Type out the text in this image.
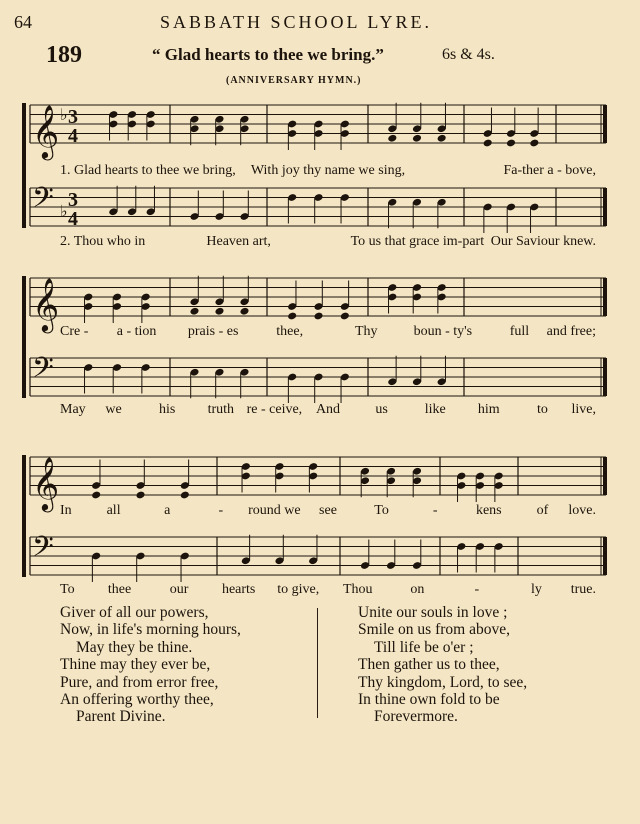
64	SABBATH SCHOOL LYRE.
189	“ Glad hearts to thee we bring.”	6s & 4s.
(ANNIVERSARY HYMN.)
𝄞 ♭ 3
4
𝄢 ♭ 3
4
1. Glad hearts to thee we bring, With joy thy name we sing,	Fa-ther a - bove,
2. Thou who in	Heaven art,	To us that grace im-part Our Saviour knew.
𝄞
𝄢
Cre - a - tion prais - es	thee,	Thy	boun - ty's	full and free;
May we	his truth re - ceive, And	us	like him	to live,
𝄞
𝄢
In all	a	- round we see	To	-	kens of love.
To thee	our hearts to give, Thou	on	-	ly true.
Giver of all our powers,
Now, in life's morning hours,
May they be thine.
Thine may they ever be,
Pure, and from error free,
An offering worthy thee,
Parent Divine.
Unite our souls in love ;
Smile on us from above,
Till life be o'er ;
Then gather us to thee,
Thy kingdom, Lord, to see,
In thine own fold to be
Forevermore.
